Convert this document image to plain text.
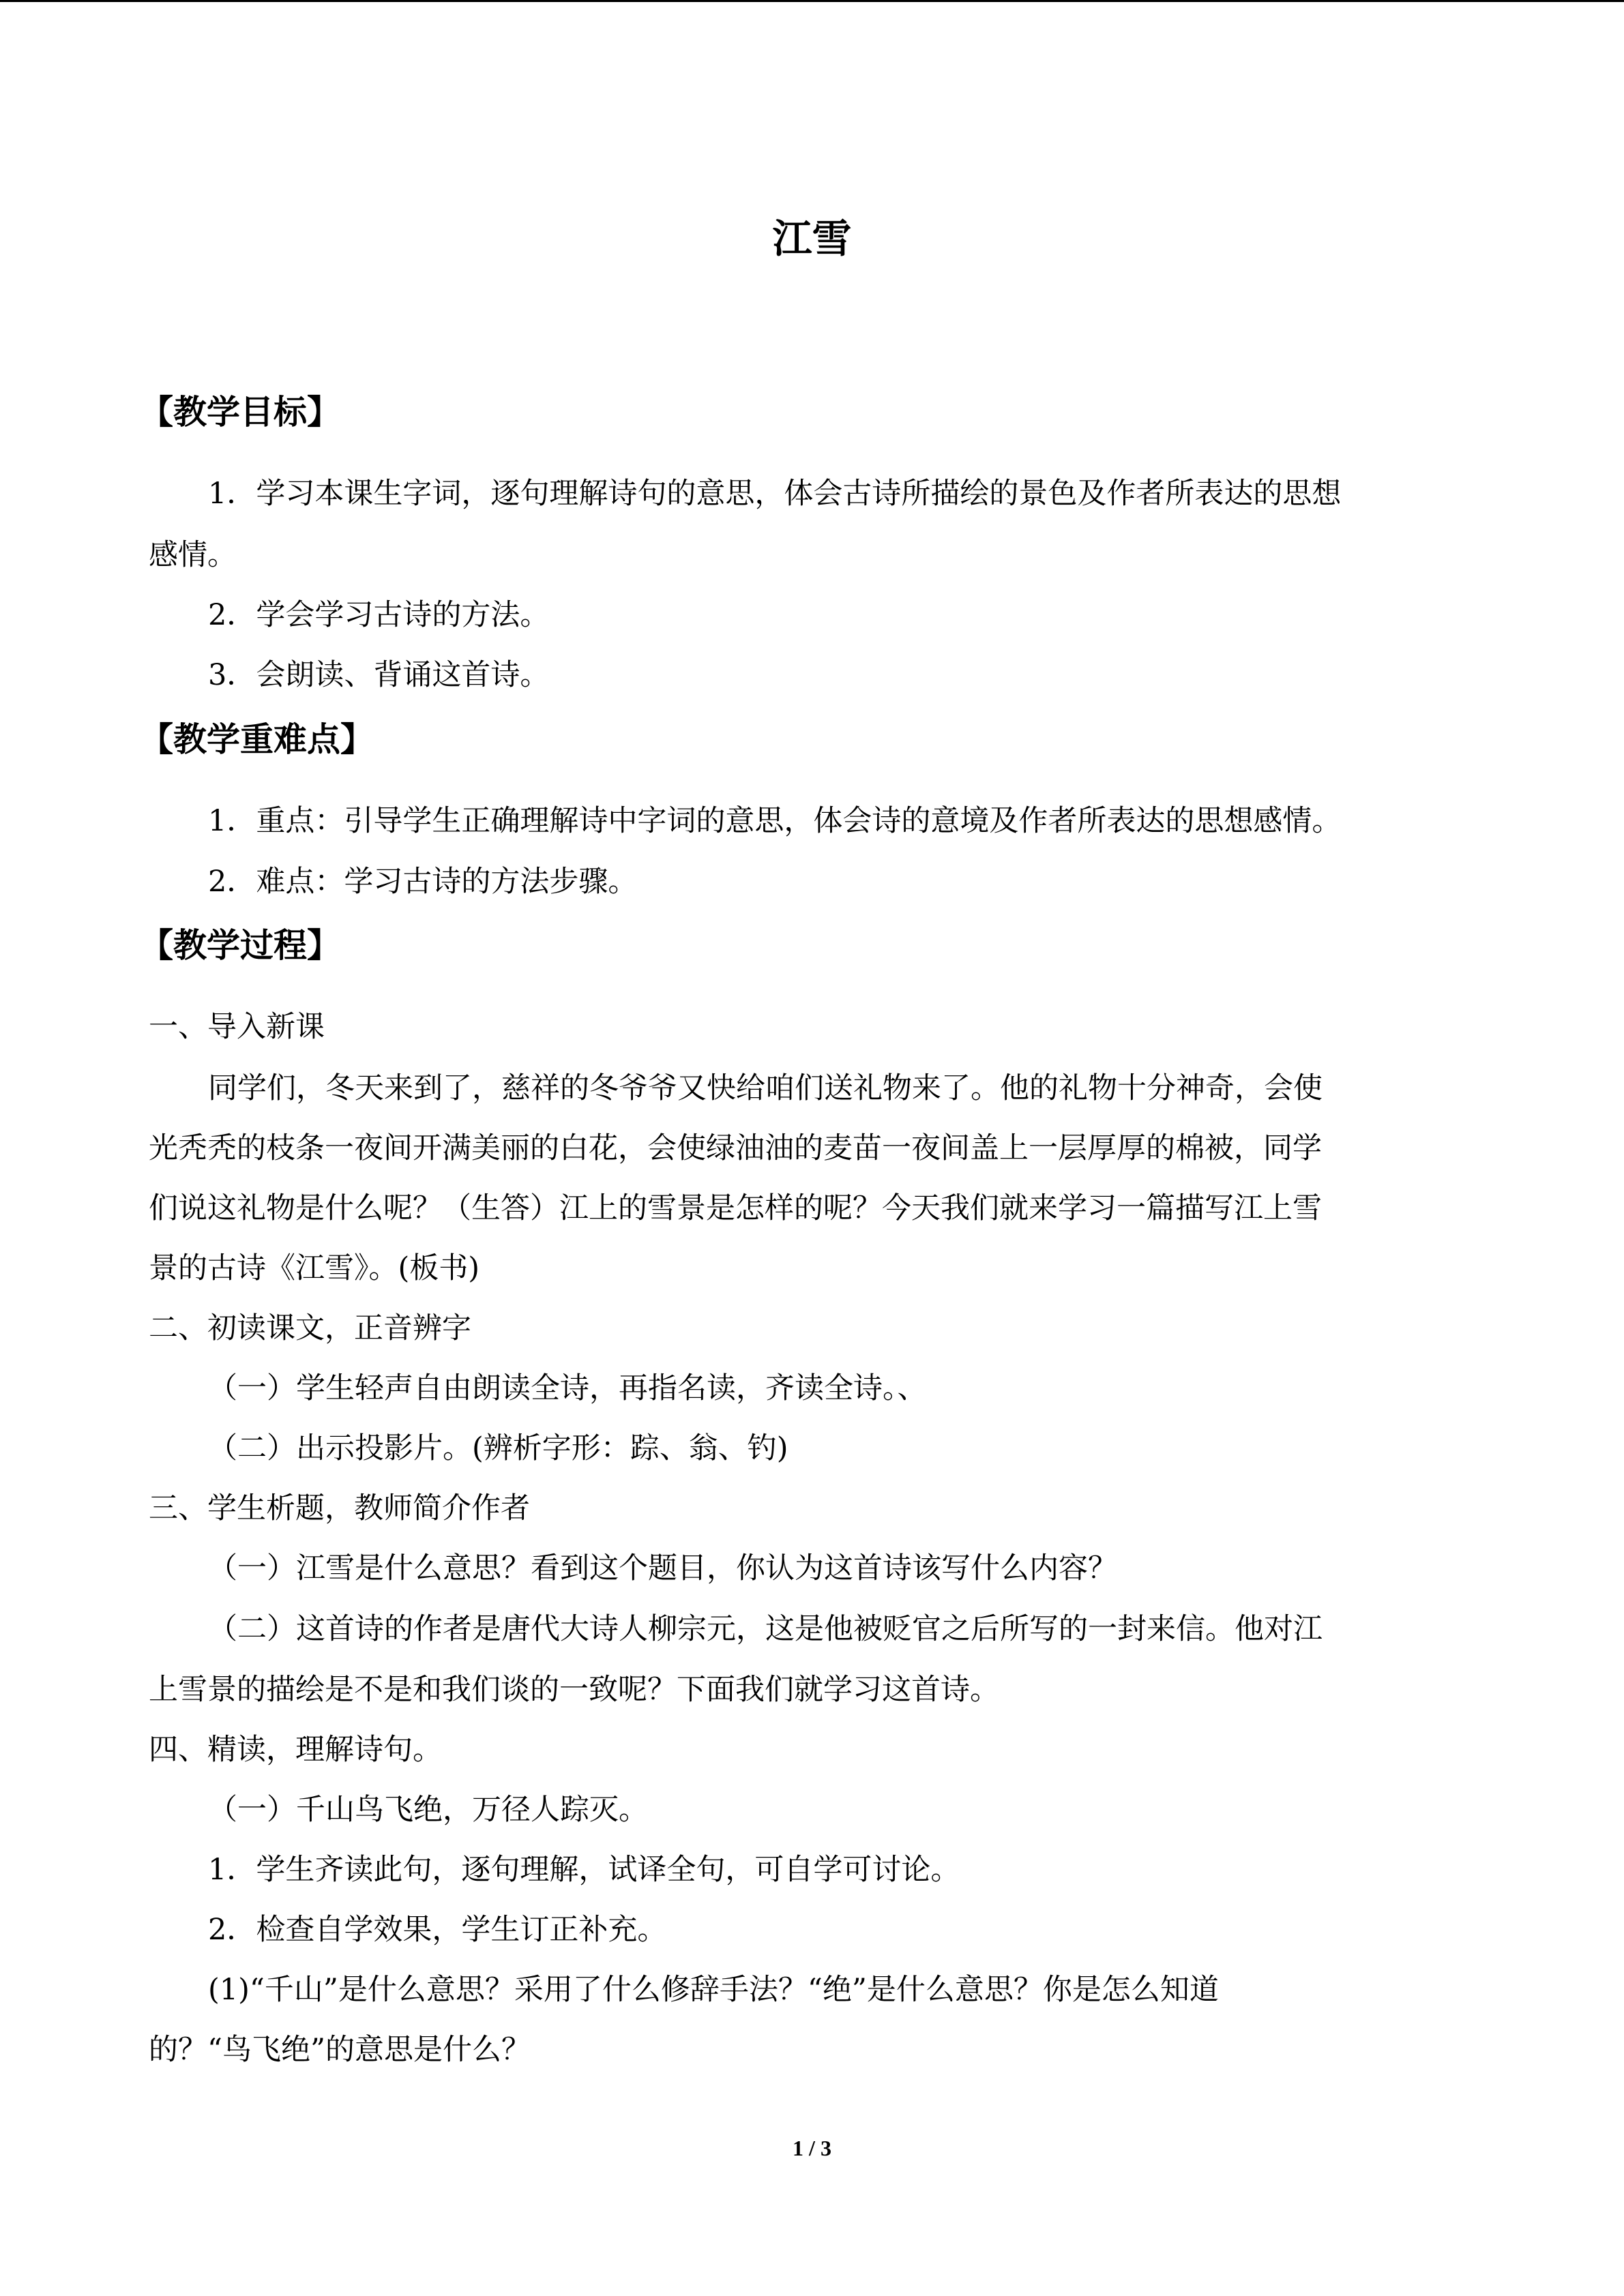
江雪
【教学目标】
1．学习本课生字词，逐句理解诗句的意思，体会古诗所描绘的景色及作者所表达的思想
感情。
2．学会学习古诗的方法。
3．会朗读、背诵这首诗。
【教学重难点】
1．重点：引导学生正确理解诗中字词的意思，体会诗的意境及作者所表达的思想感情。
2．难点：学习古诗的方法步骤。
【教学过程】
一、导入新课
同学们，冬天来到了，慈祥的冬爷爷又快给咱们送礼物来了。他的礼物十分神奇，会使
光秃秃的枝条一夜间开满美丽的白花，会使绿油油的麦苗一夜间盖上一层厚厚的棉被，同学
们说这礼物是什么呢？（生答）江上的雪景是怎样的呢？今天我们就来学习一篇描写江上雪
景的古诗《江雪》。(板书)
二、初读课文，正音辨字
（一）学生轻声自由朗读全诗，再指名读，齐读全诗。、
（二）出示投影片。(辨析字形：踪、翁、钓)
三、学生析题，教师简介作者
（一）江雪是什么意思？看到这个题目，你认为这首诗该写什么内容？
（二）这首诗的作者是唐代大诗人柳宗元，这是他被贬官之后所写的一封来信。他对江
上雪景的描绘是不是和我们谈的一致呢？下面我们就学习这首诗。
四、精读，理解诗句。
（一）千山鸟飞绝，万径人踪灭。
1．学生齐读此句，逐句理解，试译全句，可自学可讨论。
2．检查自学效果，学生订正补充。
(1)“千山”是什么意思？采用了什么修辞手法？“绝”是什么意思？你是怎么知道
的？“鸟飞绝”的意思是什么？
1 / 3
